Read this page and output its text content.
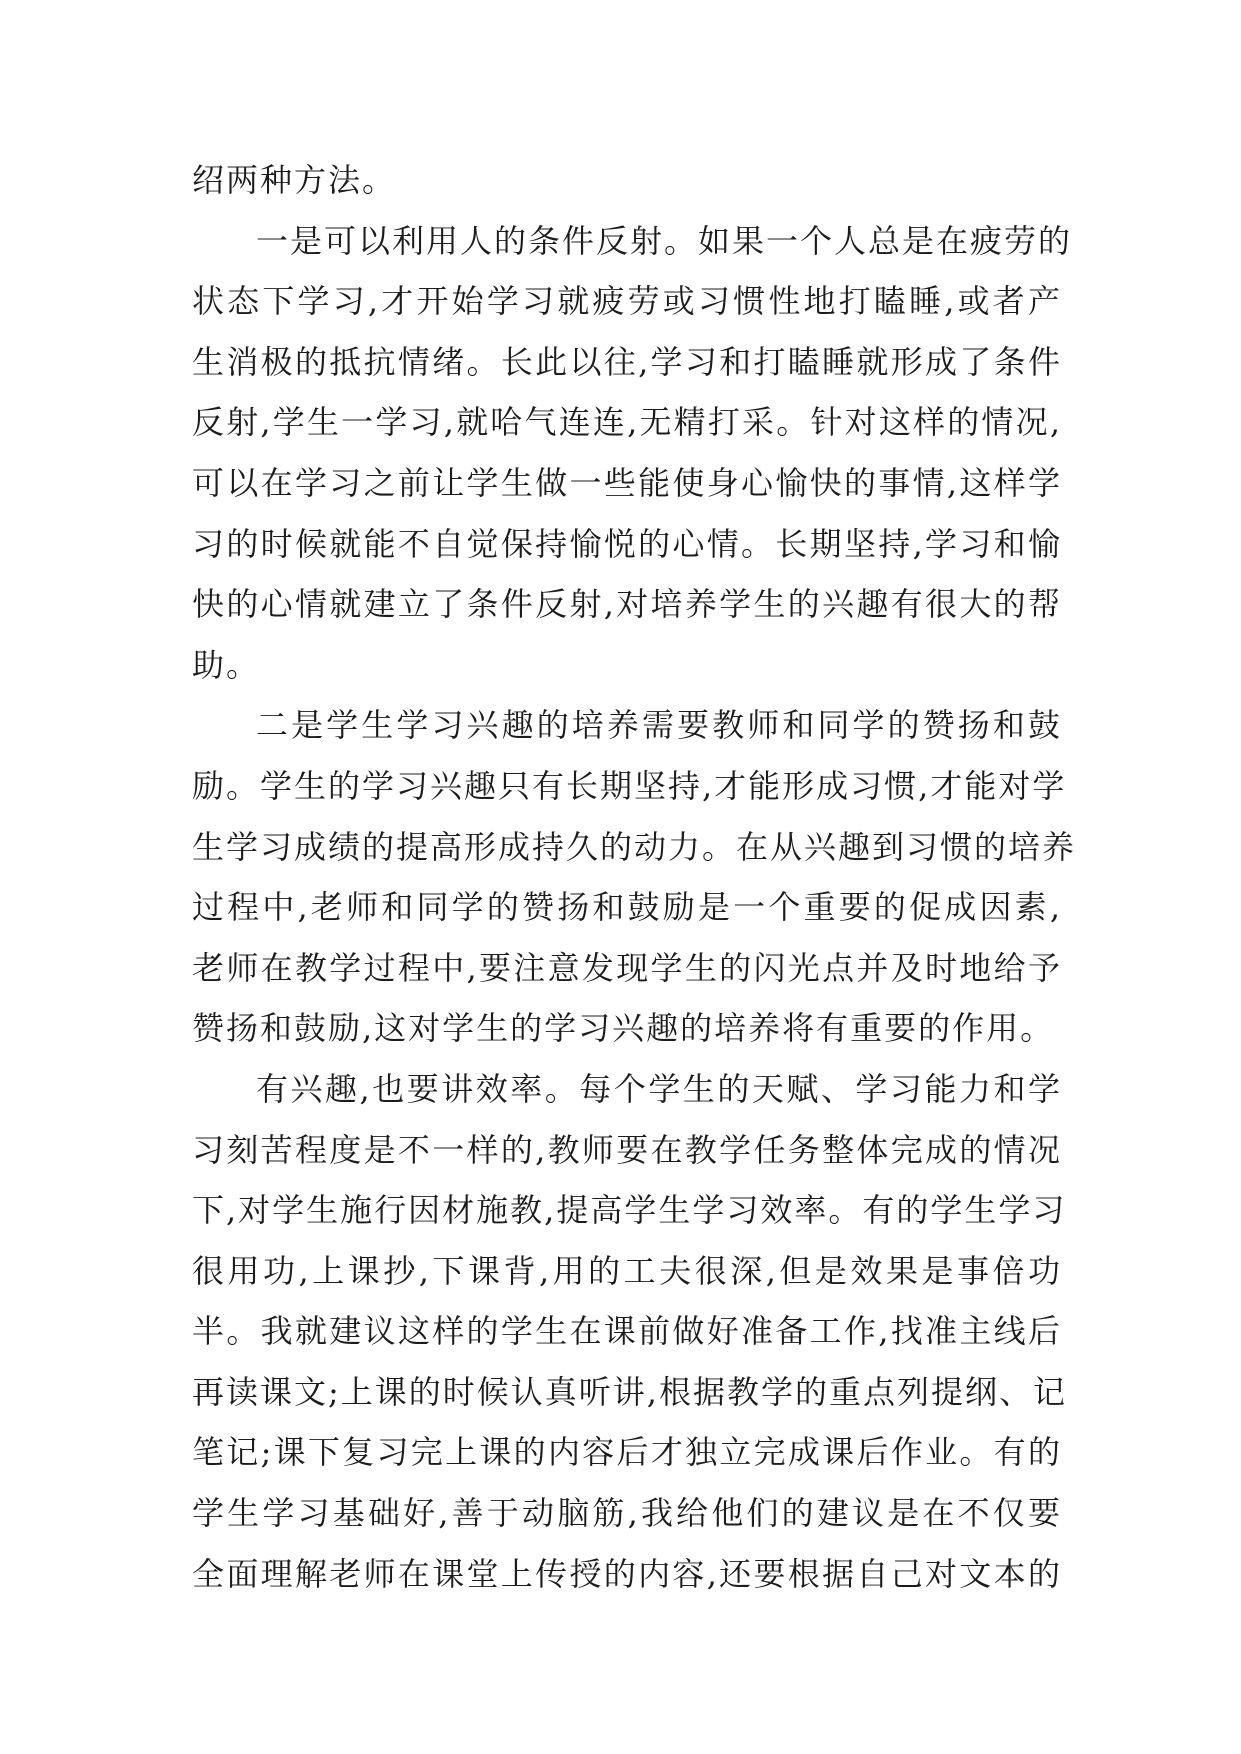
绍两种方法。
一是可以利用人的条件反射。如果一个人总是在疲劳的
状态下学习,才开始学习就疲劳或习惯性地打瞌睡,或者产
生消极的抵抗情绪。长此以往,学习和打瞌睡就形成了条件
反射,学生一学习,就哈气连连,无精打采。针对这样的情况,
可以在学习之前让学生做一些能使身心愉快的事情,这样学
习的时候就能不自觉保持愉悦的心情。长期坚持,学习和愉
快的心情就建立了条件反射,对培养学生的兴趣有很大的帮
助。
二是学生学习兴趣的培养需要教师和同学的赞扬和鼓
励。学生的学习兴趣只有长期坚持,才能形成习惯,才能对学
生学习成绩的提高形成持久的动力。在从兴趣到习惯的培养
过程中,老师和同学的赞扬和鼓励是一个重要的促成因素,
老师在教学过程中,要注意发现学生的闪光点并及时地给予
赞扬和鼓励,这对学生的学习兴趣的培养将有重要的作用。
有兴趣,也要讲效率。每个学生的天赋、学习能力和学
习刻苦程度是不一样的,教师要在教学任务整体完成的情况
下,对学生施行因材施教,提高学生学习效率。有的学生学习
很用功,上课抄,下课背,用的工夫很深,但是效果是事倍功
半。我就建议这样的学生在课前做好准备工作,找准主线后
再读课文;上课的时候认真听讲,根据教学的重点列提纲、记
笔记;课下复习完上课的内容后才独立完成课后作业。有的
学生学习基础好,善于动脑筋,我给他们的建议是在不仅要
全面理解老师在课堂上传授的内容,还要根据自己对文本的
